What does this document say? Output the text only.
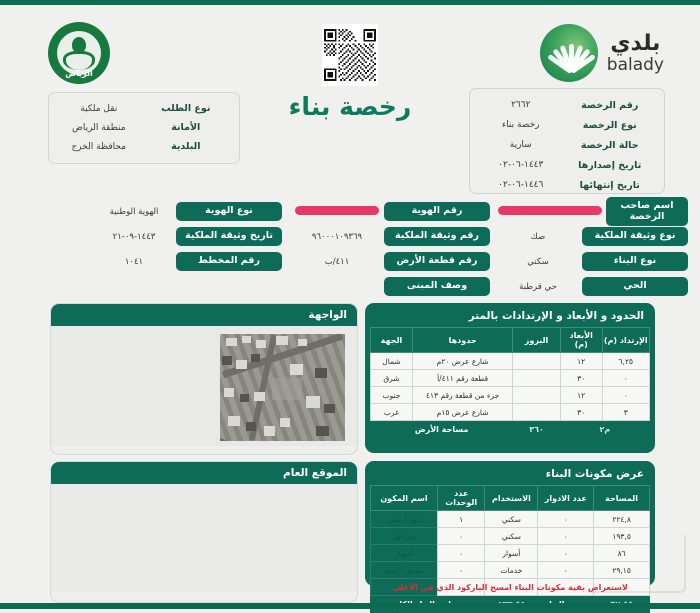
الرياض
بلدي
balady
رخصة بناء
نوع الطلب
نقل ملكية
الأمانة
منطقة الرياض
البلدية
محافظة الخرج
رقم الرخصة
٢٦٦٢
نوع الرخصة
رخصة بناء
حالة الرخصة
سارية
تاريخ إصدارها
١٤٤٣-٠٦-٠٢
تاريخ إنتهائها
١٤٤٦-٠٦-٠٢
اسم صاحب الرخصة
نوع وثيقة الملكية
صك
نوع البناء
سكني
الحي
حي قرطبة
رقم الهوية
رقم وثيقة الملكية
٩٦٠٠٠١٠٩٣٦٩
رقم قطعة الأرض
٤١١/ب
وصف المبنى
نوع الهوية
الهوية الوطنية
تاريخ وثيقة الملكية
١٤٤٣-٠٩-٢١
رقم المخطط
١٠٤١
الواجهة
الموقع العام
الحدود و الأبعاد و الإرتدادات بالمتر
الإرتداد (م)	الأبعاد (م)	البروز	حدودها	الجهة
٦,٢٥	١٢		شارع عرض ٢٠م	شمال
٠	٣٠		قطعة رقم ٤١١/أ	شرق
٠	١٢		جزء من قطعة رقم ٤١٣	جنوب
٣	٣٠		شارع عرض ١٥م	غرب
م٢		٣٦٠	مساحة الأرض	
عرض مكونات البناء
المساحة	عدد الادوار	الاستخدام	عدد الوحدات	اسم المكون
٢٢٤,٨	٠	سكني	١	دور أرضي
١٩٣,٥	٠	سكني	٠	دور أول
٨٦	٠	أسوار	٠	أسوار
٢٩,١٥	٠	خدمات	٠	ملحق أرضية

لاستعراض بقية مكونات البناء امسح الباركود الذي في الأعلى
